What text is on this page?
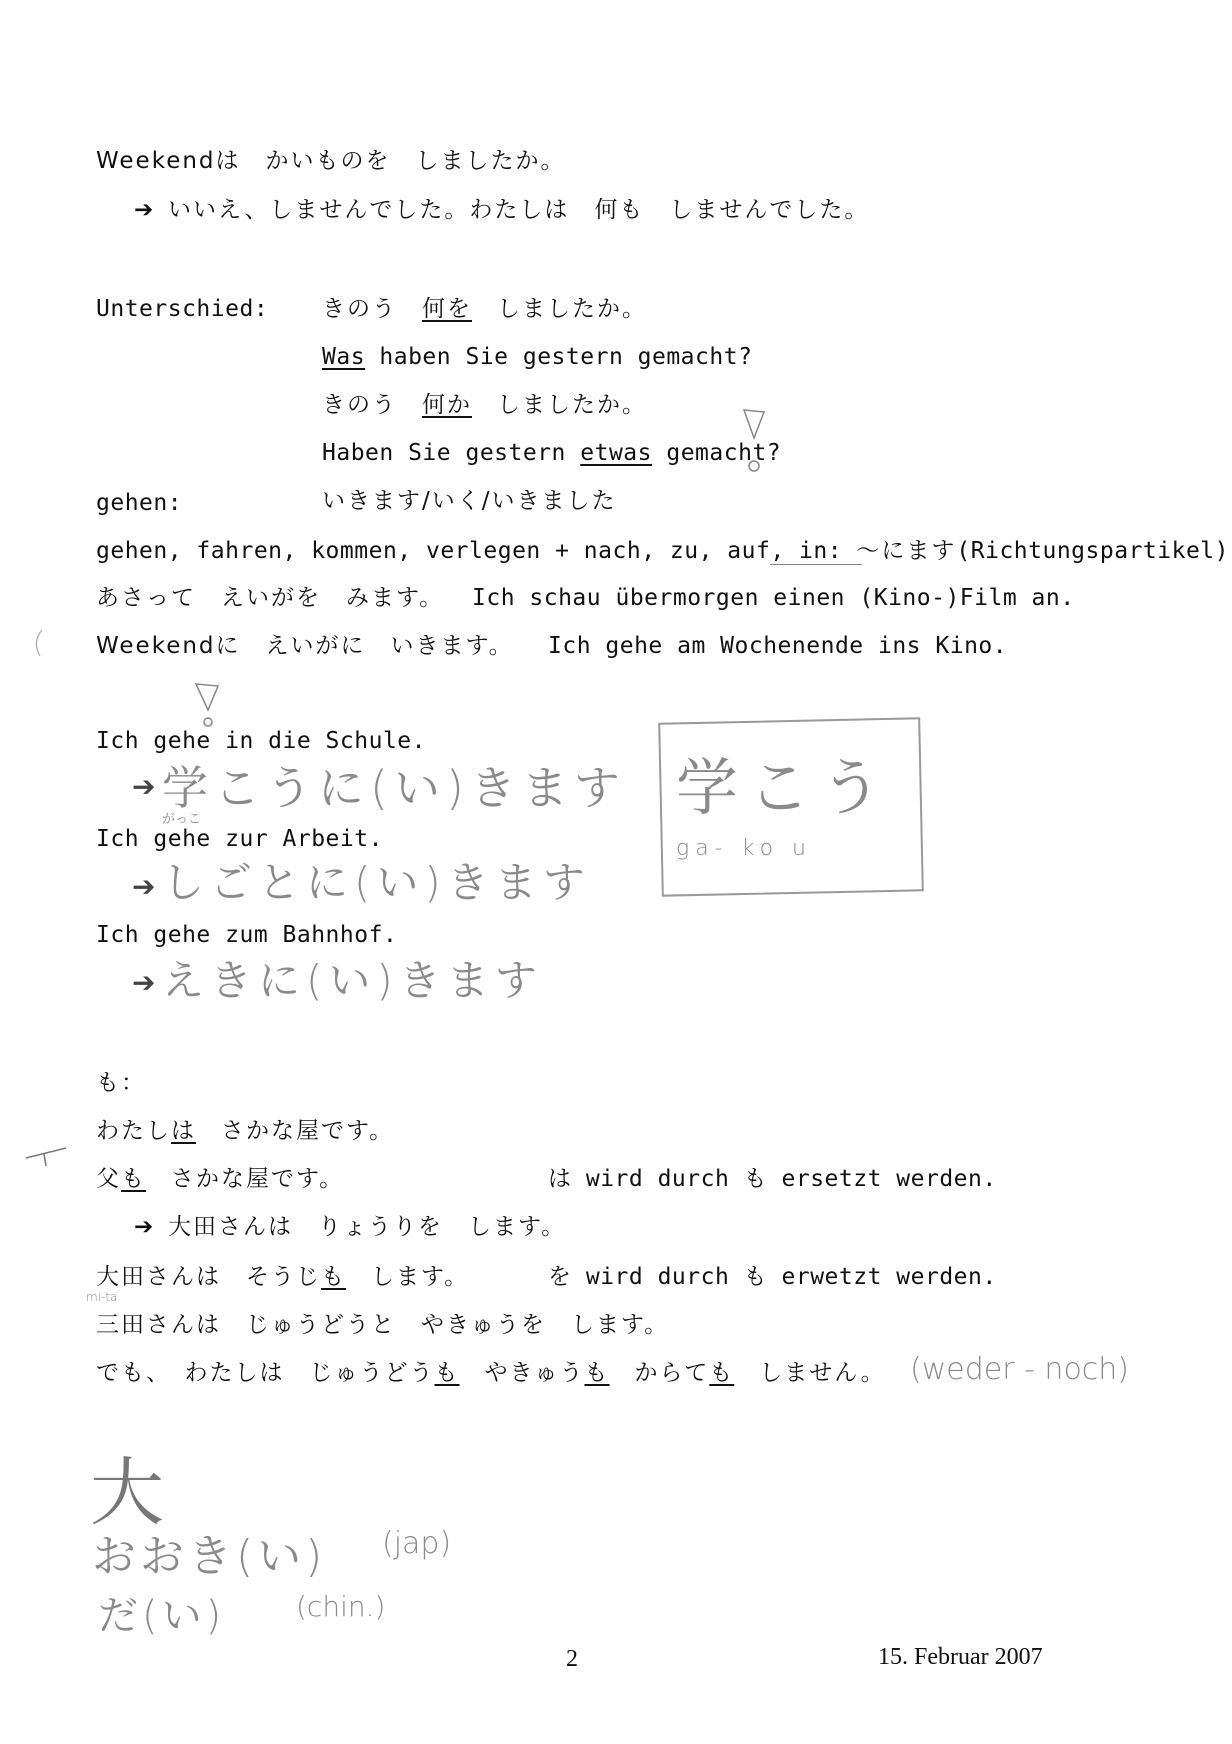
Weekendは　かいものを　しましたか。
➔ いいえ、しませんでした。わたしは　何も　しませんでした。
Unterschied: きのう　何を　しましたか。
Was haben Sie gestern gemacht?
きのう　何か　しましたか。
Haben Sie gestern etwas gemacht?
gehen:	いきます/いく/いきました
gehen, fahren, kommen, verlegen + nach, zu, auf, in: 〜にます(Richtungspartikel)
あさって　えいがを　みます。 Ich schau übermorgen einen (Kino-)Film an.
Weekendに　えいがに　いきます。 Ich gehe am Wochenende ins Kino.
Ich gehe in die Schule.
Ich gehe zur Arbeit.
Ich gehe zum Bahnhof.
➔ 学こうに(い)きます
がっこ
➔ しごとに(い)きます
➔ えきに(い)きます
学こう
ga- ko u
も：
わたしは　さかな屋です。
父も　さかな屋です。	は wird durch も ersetzt werden.
➔ 大田さんは　りょうりを　します。
大田さんは　そうじも　します。	を wird durch も erwetzt werden.
mi-ta
三田さんは　じゅうどうと　やきゅうを　します。
でも、　わたしは　じゅうどうも　やきゅうも　からても　しません。 (weder - noch)
大
おおき(い) (jap)
だ(い)	(chin.)
2	15. Februar 2007
